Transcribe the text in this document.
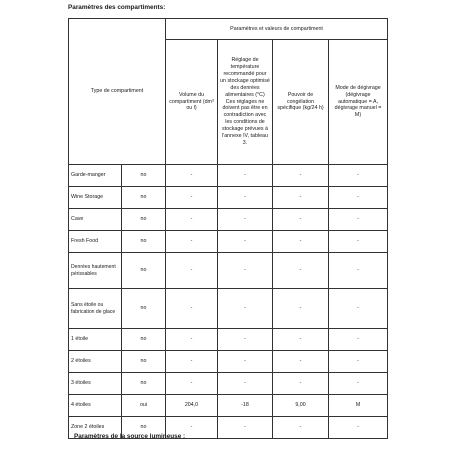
Paramètres des compartiments:
Type de compartiment		Paramètres et valeurs de compartiment			
		Volume du compartiment (dm³ ou l)	Réglage de température recommandé pour un stockage optimisé des denrées alimentaires (°C) Ces réglages ne doivent pas être en contradiction avec les conditions de stockage prévues à l'annexe IV, tableau 3.	Pouvoir de congélation spécifique (kg/24 h)	Mode de dégivrage (dégivrage automatique = A, dégivrage manuel = M)
Garde-manger	no	-	-	-	-
Wine Storage	no	-	-	-	-
Cave	no	-	-	-	-
Fresh Food	no	-	-	-	-
Denrées hautement périssables	no	-	-	-	-
Sans étoile ou fabrication de glace	no	-	-	-	-
1 étoile	no	-	-	-	-
2 étoiles	no	-	-	-	-
3 étoiles	no	-	-	-	-
4 étoiles	oui	204,0	-18	9,00	M
Zone 2 étoiles	no	-	-	-	-
Paramètres de la source lumineuse :
